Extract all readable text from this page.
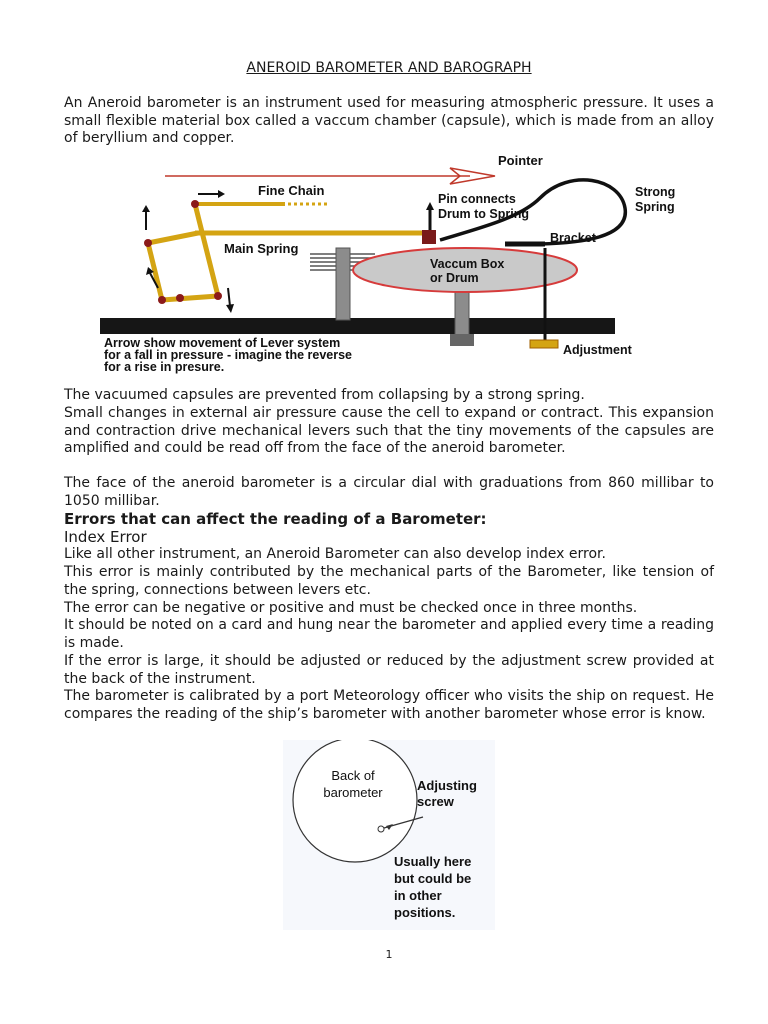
ANEROID BAROMETER AND BAROGRAPH

An Aneroid barometer is an instrument used for measuring atmospheric pressure. It uses a small flexible material box called a vaccum chamber (capsule), which is made from an alloy of beryllium and copper.

Pointer
Fine Chain
Pin connects
Drum to Spring
Strong
Spring
Bracket
Main Spring
Vaccum Box
or Drum
Arrow show movement of Lever system
for a fall in pressure - imagine the reverse
for a rise in presure.
Adjustment

The vacuumed capsules are prevented from collapsing by a strong spring.

Small changes in external air pressure cause the cell to expand or contract. This expansion and contraction drive mechanical levers such that the tiny movements of the capsules are amplified and could be read off from the face of the aneroid barometer.

The face of the aneroid barometer is a circular dial with graduations from 860 millibar to 1050 millibar.

Errors that can affect the reading of a Barometer:

Index Error

Like all other instrument, an Aneroid Barometer can also develop index error.

This error is mainly contributed by the mechanical parts of the Barometer, like tension of the spring, connections between levers etc.

The error can be negative or positive and must be checked once in three months.

It should be noted on a card and hung near the barometer and applied every time a reading is made.

If the error is large, it should be adjusted or reduced by the adjustment screw provided at the back of the instrument.

The barometer is calibrated by a port Meteorology officer who visits the ship on request. He compares the reading of the ship’s barometer with another barometer whose error is know.

Back of
barometer	Adjusting
screw
Usually here
but could be
in other
positions.
1
